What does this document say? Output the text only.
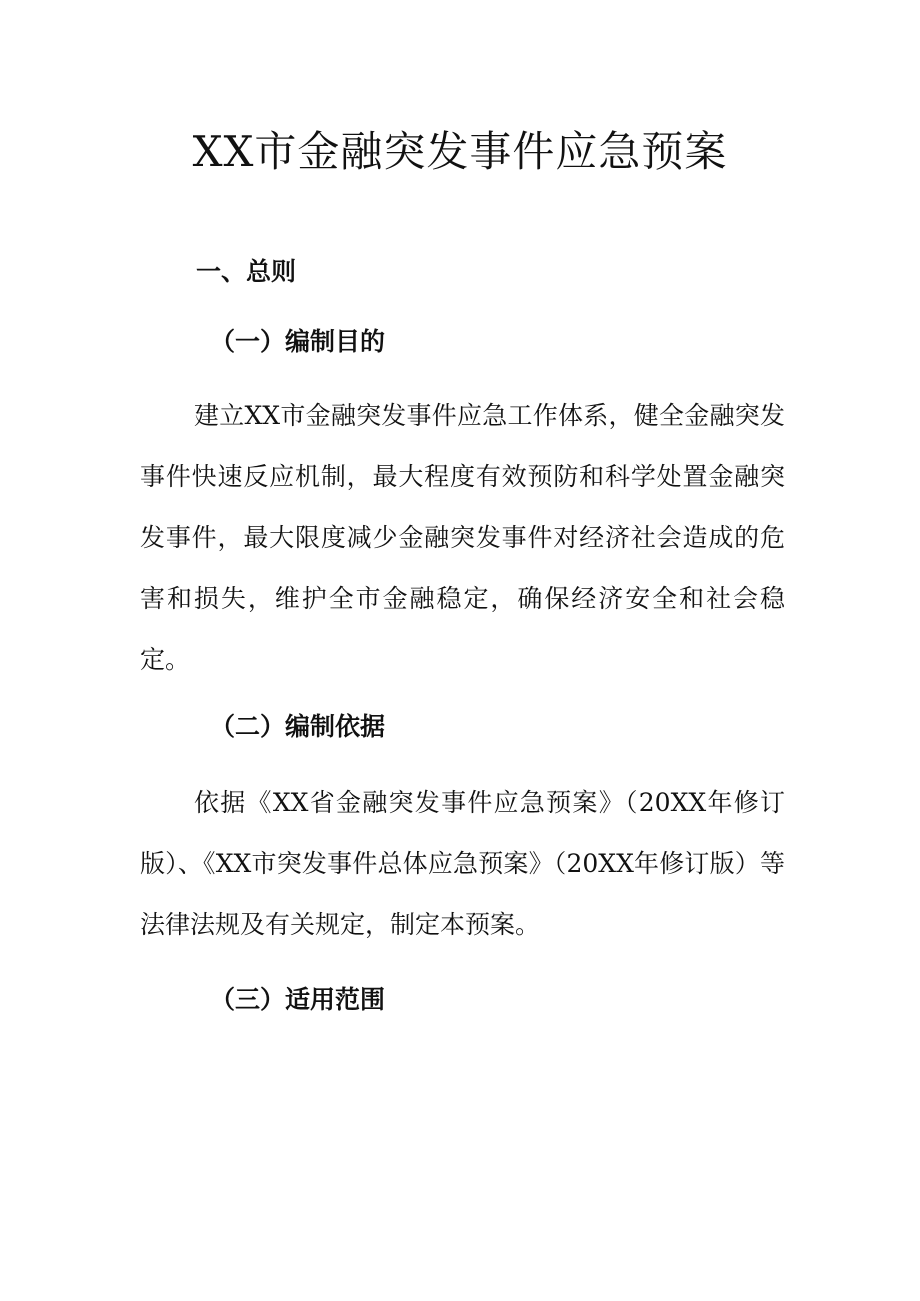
XX市金融突发事件应急预案
一、总则
（一）编制目的

建立XX市金融突发事件应急工作体系，健全金融突发事件快速反应机制，最大程度有效预防和科学处置金融突发事件，最大限度减少金融突发事件对经济社会造成的危害和损失，维护全市金融稳定，确保经济安全和社会稳定。

（二）编制依据

依据《XX省金融突发事件应急预案》（20XX年修订版）、《XX市突发事件总体应急预案》（20XX年修订版）等法律法规及有关规定，制定本预案。

（三）适用范围
